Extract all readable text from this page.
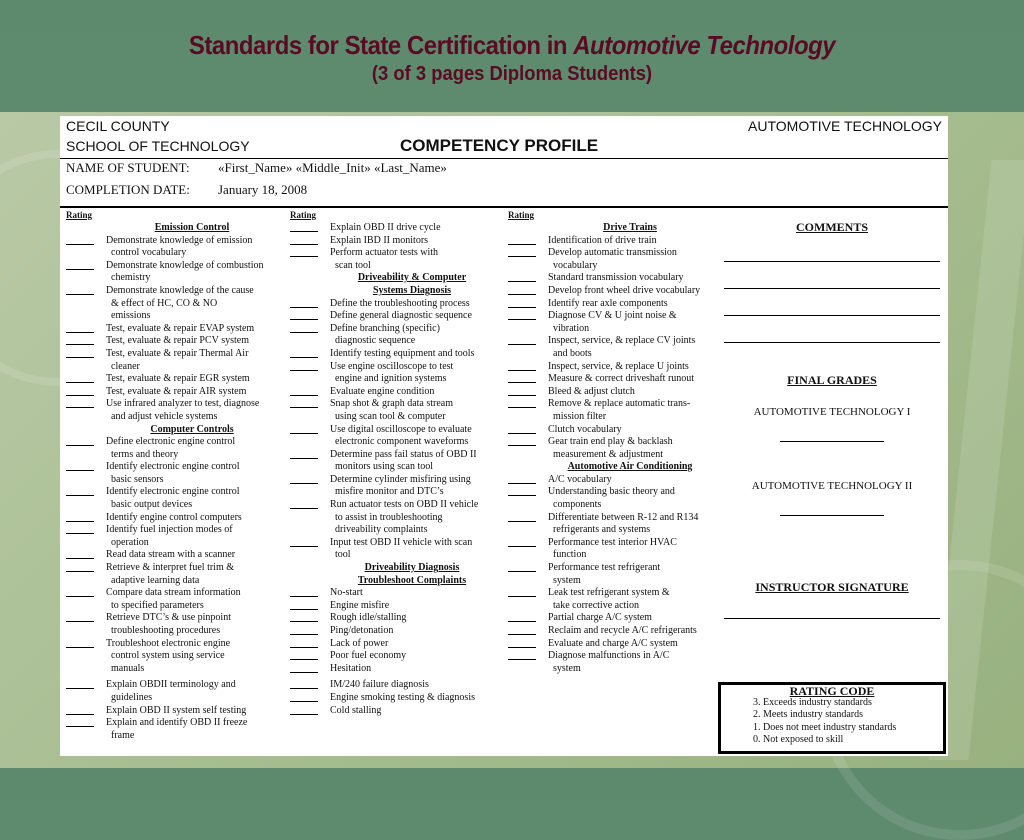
Standards for State Certification in Automotive Technology
(3 of 3 pages Diploma Students)
CECIL COUNTY
SCHOOL OF TECHNOLOGY
AUTOMOTIVE TECHNOLOGY
COMPETENCY PROFILE
NAME OF STUDENT: «First_Name» «Middle_Init» «Last_Name»
COMPLETION DATE: January 18, 2008
Rating
Emission Control
Demonstrate knowledge of emission
control vocabulary
Demonstrate knowledge of combustion
chemistry
Demonstrate knowledge of the cause
& effect of HC, CO & NO
emissions
Test, evaluate & repair EVAP system
Test, evaluate & repair PCV system
Test, evaluate & repair Thermal Air
cleaner
Test, evaluate & repair EGR system
Test, evaluate & repair AIR system
Use infrared analyzer to test, diagnose
and adjust vehicle systems
Computer Controls
Define electronic engine control
terms and theory
Identify electronic engine control
basic sensors
Identify electronic engine control
basic output devices
Identify engine control computers
Identify fuel injection modes of
operation
Read data stream with a scanner
Retrieve & interpret fuel trim &
adaptive learning data
Compare data stream information
to specified parameters
Retrieve DTC’s & use pinpoint
troubleshooting procedures
Troubleshoot electronic engine
control system using service
manuals
Explain OBDII terminology and
guidelines
Explain OBD II system self testing
Explain and identify OBD II freeze
frame
Rating
Explain OBD II drive cycle
Explain IBD II monitors
Perform actuator tests with
scan tool
Driveability & Computer
Systems Diagnosis
Define the troubleshooting process
Define general diagnostic sequence
Define branching (specific)
diagnostic sequence
Identify testing equipment and tools
Use engine oscilloscope to test
engine and ignition systems
Evaluate engine condition
Snap shot & graph data stream
using scan tool & computer
Use digital oscilloscope to evaluate
electronic component waveforms
Determine pass fail status of OBD II
monitors using scan tool
Determine cylinder misfiring using
misfire monitor and DTC’s
Run actuator tests on OBD II vehicle
to assist in troubleshooting
driveability complaints
Input test OBD II vehicle with scan
tool
Driveability Diagnosis
Troubleshoot Complaints
No-start
Engine misfire
Rough idle/stalling
Ping/detonation
Lack of power
Poor fuel economy
Hesitation
IM/240 failure diagnosis
Engine smoking testing & diagnosis
Cold stalling
Rating
Drive Trains
Identification of drive train
Develop automatic transmission
vocabulary
Standard transmission vocabulary
Develop front wheel drive vocabulary
Identify rear axle components
Diagnose CV & U joint noise &
vibration
Inspect, service, & replace CV joints
and boots
Inspect, service, & replace U joints
Measure & correct driveshaft runout
Bleed & adjust clutch
Remove & replace automatic trans-
mission filter
Clutch vocabulary
Gear train end play & backlash
measurement & adjustment
Automotive Air Conditioning
A/C vocabulary
Understanding basic theory and
components
Differentiate between R-12 and R134
refrigerants and systems
Performance test interior HVAC
function
Performance test refrigerant
system
Leak test refrigerant system &
take corrective action
Partial charge A/C system
Reclaim and recycle A/C refrigerants
Evaluate and charge A/C system
Diagnose malfunctions in A/C
system
COMMENTS
FINAL GRADES
AUTOMOTIVE TECHNOLOGY I
AUTOMOTIVE TECHNOLOGY II
INSTRUCTOR SIGNATURE
RATING CODE
3. Exceeds industry standards
2. Meets industry standards
1. Does not meet industry standards
0. Not exposed to skill
